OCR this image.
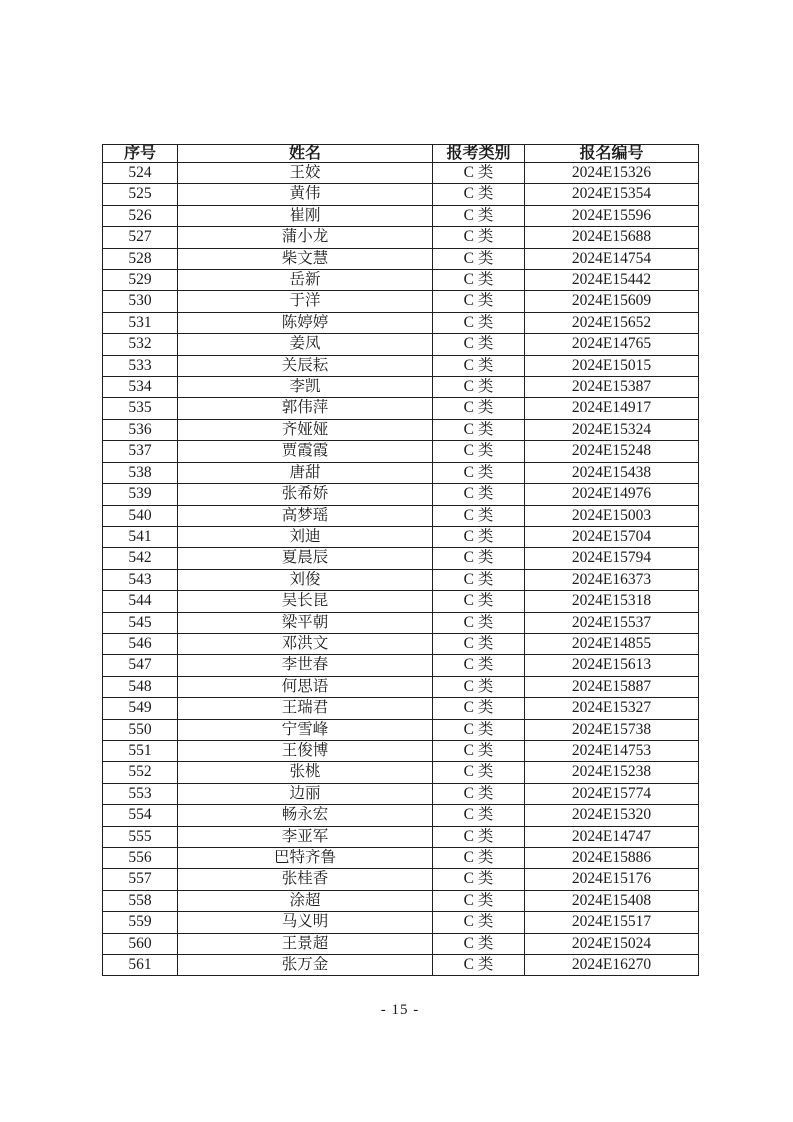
序号	姓名	报考类别	报名编号
524	王姣	C 类	2024E15326
525	黄伟	C 类	2024E15354
526	崔刚	C 类	2024E15596
527	蒲小龙	C 类	2024E15688
528	柴文慧	C 类	2024E14754
529	岳新	C 类	2024E15442
530	于洋	C 类	2024E15609
531	陈婷婷	C 类	2024E15652
532	姜凤	C 类	2024E14765
533	关辰耘	C 类	2024E15015
534	李凯	C 类	2024E15387
535	郭伟萍	C 类	2024E14917
536	齐娅娅	C 类	2024E15324
537	贾霞霞	C 类	2024E15248
538	唐甜	C 类	2024E15438
539	张希娇	C 类	2024E14976
540	高梦瑶	C 类	2024E15003
541	刘迪	C 类	2024E15704
542	夏晨辰	C 类	2024E15794
543	刘俊	C 类	2024E16373
544	吴长昆	C 类	2024E15318
545	梁平朝	C 类	2024E15537
546	邓洪文	C 类	2024E14855
547	李世春	C 类	2024E15613
548	何思语	C 类	2024E15887
549	王瑞君	C 类	2024E15327
550	宁雪峰	C 类	2024E15738
551	王俊博	C 类	2024E14753
552	张桃	C 类	2024E15238
553	边丽	C 类	2024E15774
554	畅永宏	C 类	2024E15320
555	李亚军	C 类	2024E14747
556	巴特齐鲁	C 类	2024E15886
557	张桂香	C 类	2024E15176
558	涂超	C 类	2024E15408
559	马义明	C 类	2024E15517
560	王景超	C 类	2024E15024
561	张万金	C 类	2024E16270
- 15 -
